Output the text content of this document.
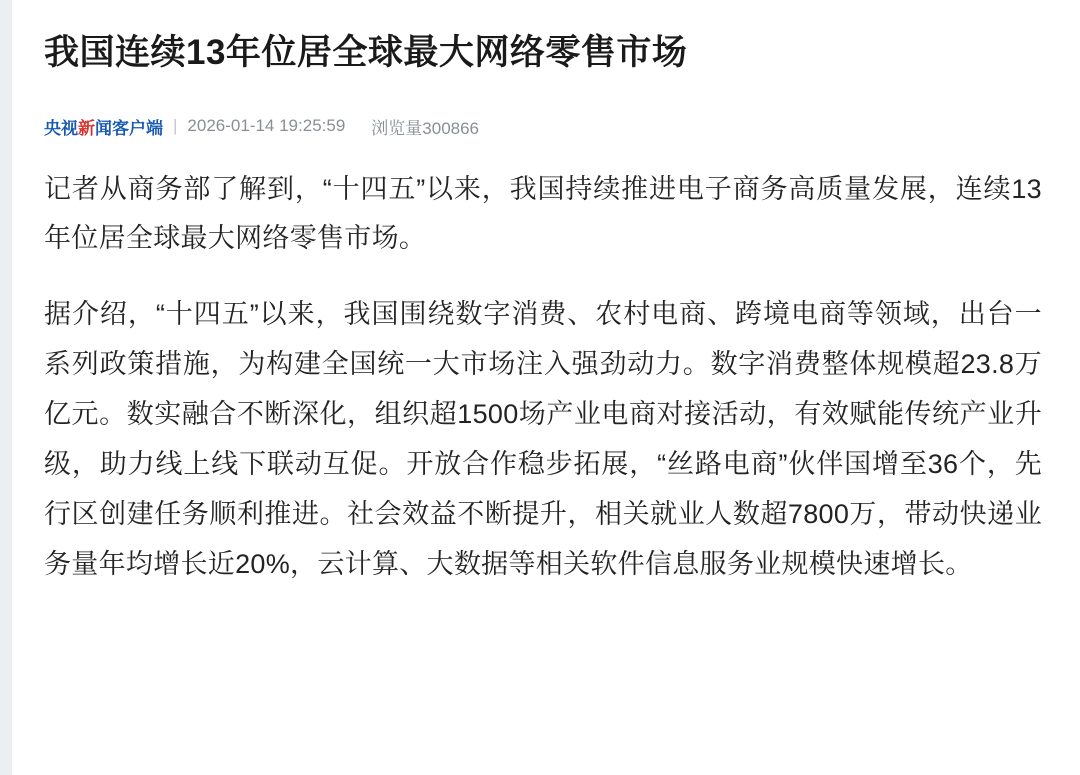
我国连续13年位居全球最大网络零售市场
央视新闻客户端 | 2026-01-14 19:25:59 浏览量300866

记者从商务部了解到，“十四五”以来，我国持续推进电子商务高质量发展，连续13年位居全球最大网络零售市场。

据介绍，“十四五”以来，我国围绕数字消费、农村电商、跨境电商等领域，出台一系列政策措施，为构建全国统一大市场注入强劲动力。数字消费整体规模超23.8万亿元。数实融合不断深化，组织超1500场产业电商对接活动，有效赋能传统产业升级，助力线上线下联动互促。开放合作稳步拓展，“丝路电商”伙伴国增至36个，先行区创建任务顺利推进。社会效益不断提升，相关就业人数超7800万，带动快递业务量年均增长近20%，云计算、大数据等相关软件信息服务业规模快速增长。
